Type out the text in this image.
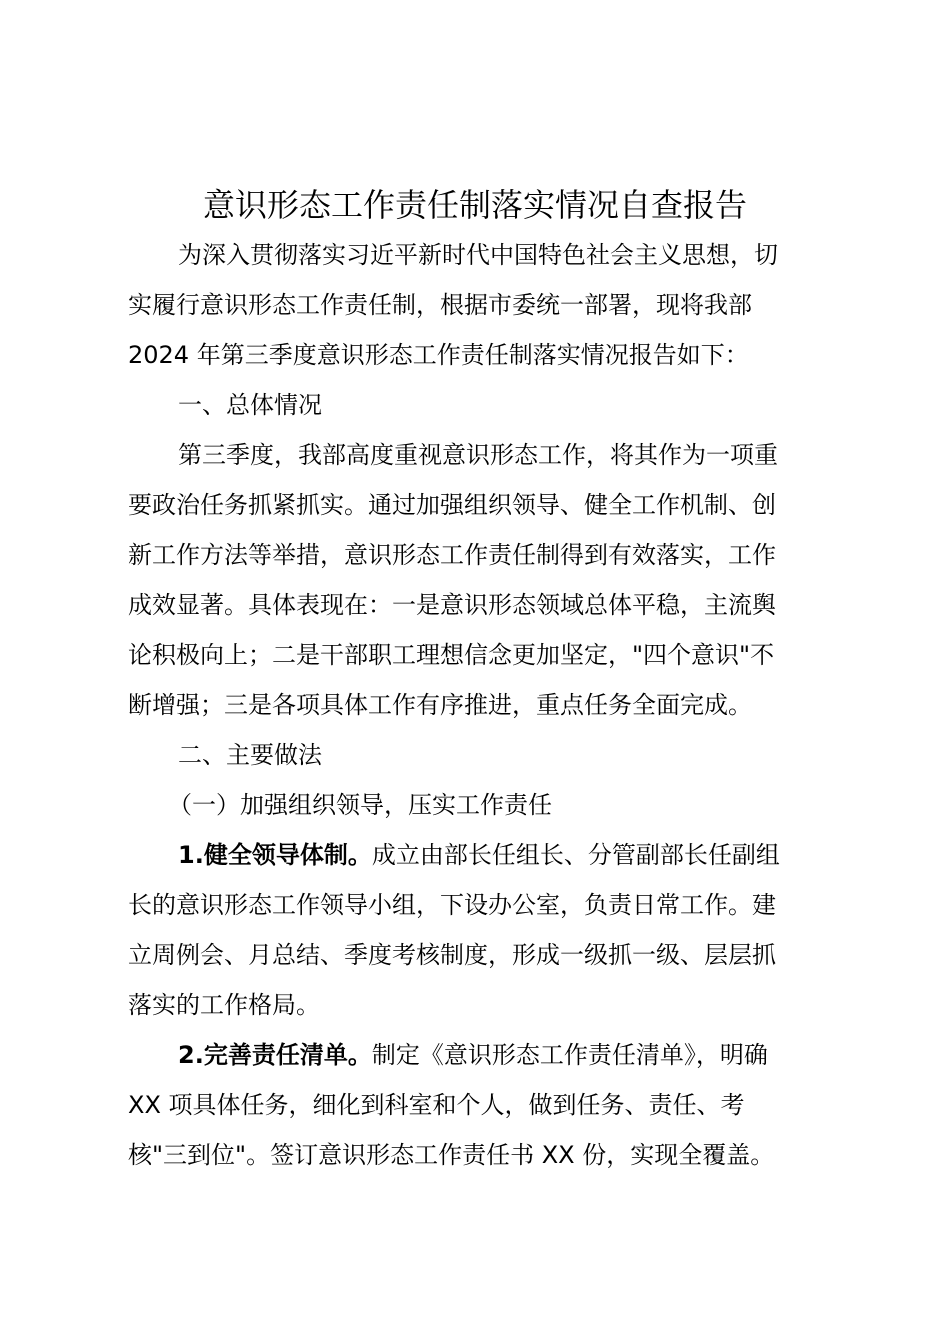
意识形态工作责任制落实情况自查报告

为深入贯彻落实习近平新时代中国特色社会主义思想，切

实履行意识形态工作责任制，根据市委统一部署，现将我部

2024 年第三季度意识形态工作责任制落实情况报告如下：

一、总体情况

第三季度，我部高度重视意识形态工作，将其作为一项重

要政治任务抓紧抓实。通过加强组织领导、健全工作机制、创

新工作方法等举措，意识形态工作责任制得到有效落实，工作

成效显著。具体表现在：一是意识形态领域总体平稳，主流舆

论积极向上；二是干部职工理想信念更加坚定，"四个意识"不

断增强；三是各项具体工作有序推进，重点任务全面完成。

二、主要做法

（一）加强组织领导，压实工作责任

1.健全领导体制。成立由部长任组长、分管副部长任副组

长的意识形态工作领导小组，下设办公室，负责日常工作。建

立周例会、月总结、季度考核制度，形成一级抓一级、层层抓

落实的工作格局。

2.完善责任清单。制定《意识形态工作责任清单》，明确

XX 项具体任务，细化到科室和个人，做到任务、责任、考

核"三到位"。签订意识形态工作责任书 XX 份，实现全覆盖。
